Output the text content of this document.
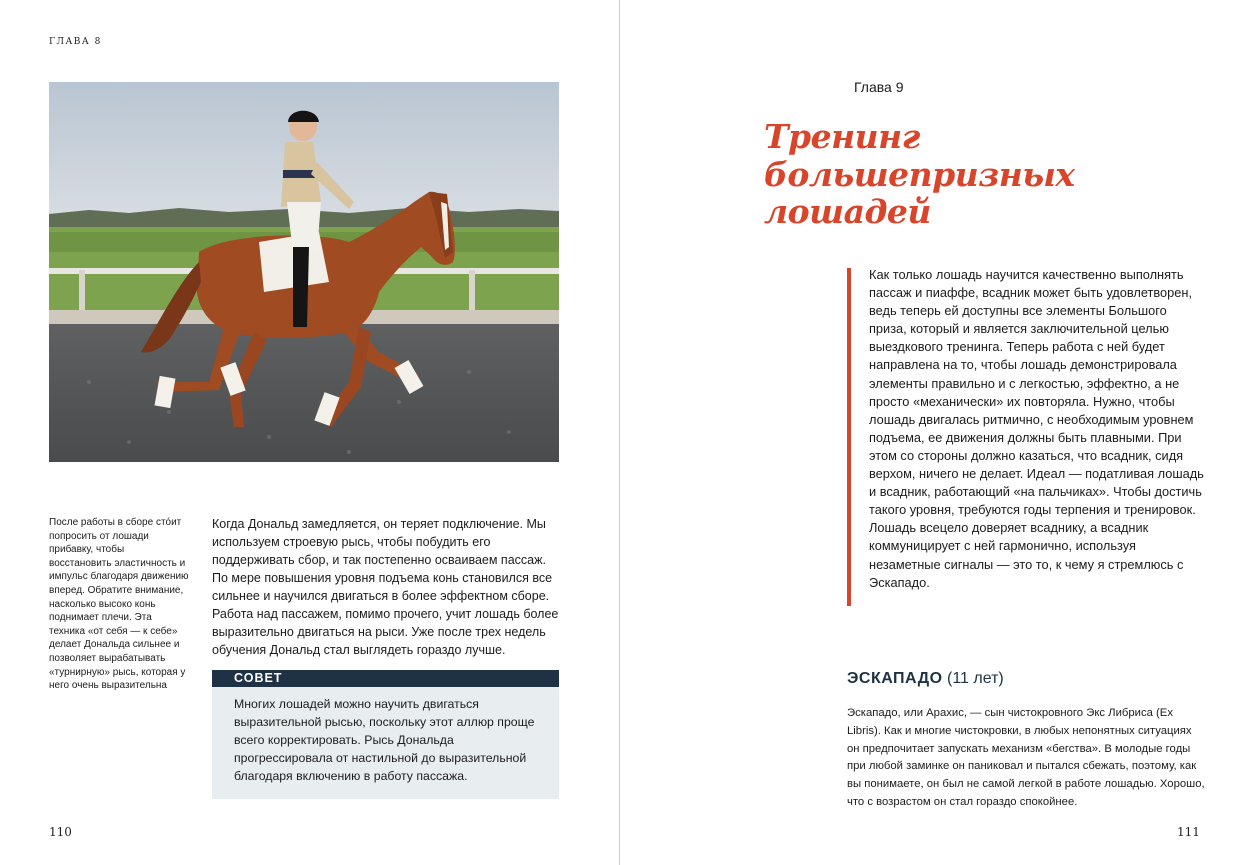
ГЛАВА 8
После работы в сборе стóит попросить от лошади прибавку, чтобы восстановить эластичность и импульс благодаря движению вперед. Обратите внимание, насколько высоко конь поднимает плечи. Эта техника «от себя — к себе» делает Дональда сильнее и позволяет вырабатывать «турнирную» рысь, которая у него очень выразительна
Когда Дональд замедляется, он теряет подключение. Мы используем строевую рысь, чтобы побудить его поддерживать сбор, и так постепенно осваиваем пассаж. По мере повышения уровня подъема конь становился все сильнее и научился двигаться в более эффектном сборе. Работа над пассажем, помимо прочего, учит лошадь более выразительно двигаться на рыси. Уже после трех недель обучения Дональд стал выглядеть гораздо лучше.
СОВЕТ
Многих лошадей можно научить двигаться выразительной рысью, поскольку этот аллюр проще всего корректировать. Рысь Дональда прогрессировала от настильной до выразительной благодаря включению в работу пассажа.
110
Глава 9
Тренинг
большепризных
лошадей
Как только лошадь научится качественно выполнять пассаж и пиаффе, всадник может быть удовлетворен, ведь теперь ей доступны все элементы Большого приза, который и является заключительной целью выездкового тренинга. Теперь работа с ней будет направлена на то, чтобы лошадь демонстрировала элементы правильно и с легкостью, эффектно, а не просто «механически» их повторяла. Нужно, чтобы лошадь двигалась ритмично, с необходимым уровнем подъема, ее движения должны быть плавными. При этом со стороны должно казаться, что всадник, сидя верхом, ничего не делает. Идеал — податливая лошадь и всадник, работающий «на пальчиках». Чтобы достичь такого уровня, требуются годы терпения и тренировок. Лошадь всецело доверяет всаднику, а всадник коммуницирует с ней гармонично, используя незаметные сигналы — это то, к чему я стремлюсь с Эскападо.
ЭСКАПАДО (11 лет)
Эскападо, или Арахис, — сын чистокровного Экс Либриса (Ex Libris). Как и многие чистокровки, в любых непонятных ситуациях он предпочитает запускать механизм «бегства». В молодые годы при любой заминке он паниковал и пытался сбежать, поэтому, как вы понимаете, он был не самой легкой в работе лошадью. Хорошо, что с возрастом он стал гораздо спокойнее.
111
